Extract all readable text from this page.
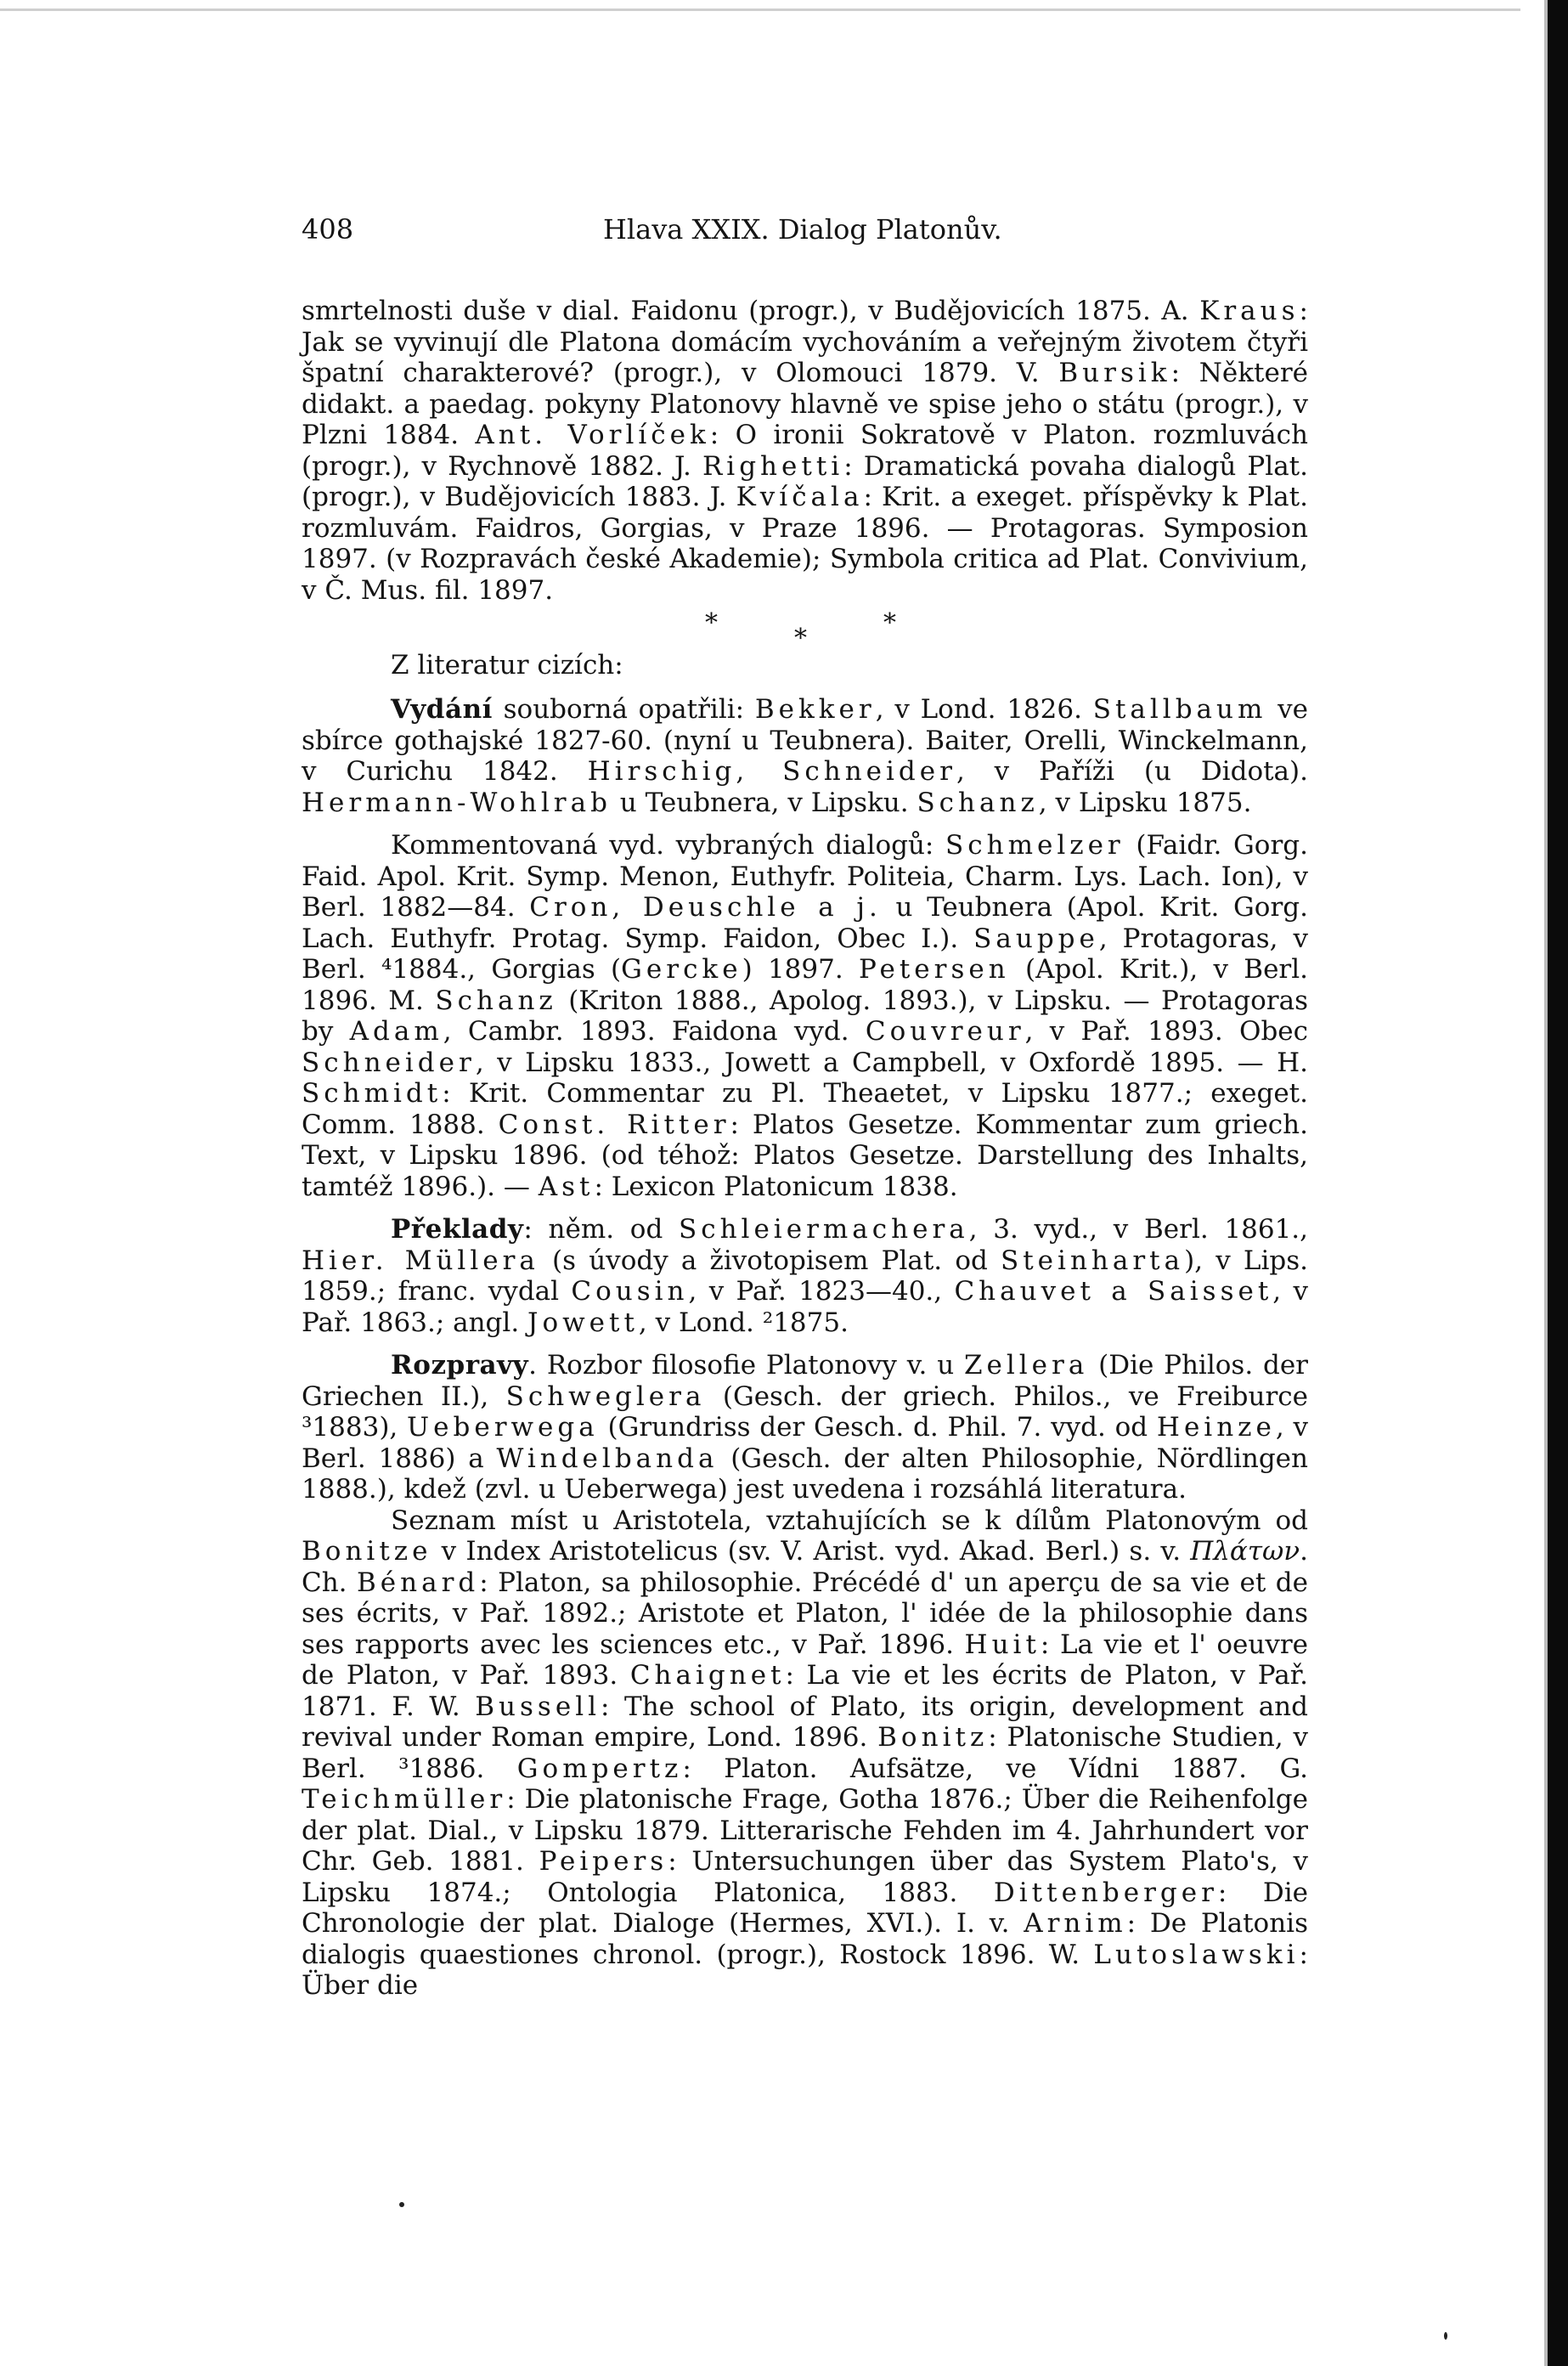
408	Hlava XXIX. Dialog Platonův.

smrtelnosti duše v dial. Faidonu (progr.), v Budějovicích 1875. A. Kraus: Jak se vyvinují dle Platona domácím vychováním a veřejným životem čtyři špatní charakterové? (progr.), v Olomouci 1879. V. Bursik: Některé didakt. a paedag. pokyny Platonovy hlavně ve spise jeho o státu (progr.), v Plzni 1884. Ant. Vorlíček: O ironii Sokratově v Platon. rozmluvách (progr.), v Rychnově 1882. J. Righetti: Dramatická povaha dialogů Plat. (progr.), v Budějovicích 1883. J. Kvíčala: Krit. a exeget. příspěvky k Plat. rozmluvám. Faidros, Gorgias, v Praze 1896. — Protagoras. Symposion 1897. (v Rozpravách české Akademie); Symbola critica ad Plat. Convivium, v Č. Mus. fil. 1897.

*
*
*
Z literatur cizích:

Vydání souborná opatřili: Bekker, v Lond. 1826. Stallbaum ve sbírce gothajské 1827‑60. (nyní u Teubnera). Baiter, Orelli, Winckelmann, v Curichu 1842. Hirschig, Schneider, v Paříži (u Didota). Hermann‑Wohlrab u Teubnera, v Lipsku. Schanz, v Lipsku 1875.

Kommentovaná vyd. vybraných dialogů: Schmelzer (Faidr. Gorg. Faid. Apol. Krit. Symp. Menon, Euthyfr. Politeia, Charm. Lys. Lach. Ion), v Berl. 1882—84. Cron, Deuschle a j. u Teubnera (Apol. Krit. Gorg. Lach. Euthyfr. Protag. Symp. Faidon, Obec I.). Sauppe, Protagoras, v Berl. ⁴1884., Gorgias (Gercke) 1897. Petersen (Apol. Krit.), v Berl. 1896. M. Schanz (Kriton 1888., Apolog. 1893.), v Lipsku. — Protagoras by Adam, Cambr. 1893. Faidona vyd. Couvreur, v Pař. 1893. Obec Schneider, v Lipsku 1833., Jowett a Campbell, v Oxfordě 1895. — H. Schmidt: Krit. Commentar zu Pl. Theaetet, v Lipsku 1877.; exeget. Comm. 1888. Const. Ritter: Platos Gesetze. Kommentar zum griech. Text, v Lipsku 1896. (od téhož: Platos Gesetze. Darstellung des Inhalts, tamtéž 1896.). — Ast: Lexicon Platonicum 1838.

Překlady: něm. od Schleiermachera, 3. vyd., v Berl. 1861., Hier. Müllera (s úvody a životopisem Plat. od Steinharta), v Lips. 1859.; franc. vydal Cousin, v Pař. 1823—40., Chauvet a Saisset, v Pař. 1863.; angl. Jowett, v Lond. ²1875.

Rozpravy. Rozbor filosofie Platonovy v. u Zellera (Die Philos. der Griechen II.), Schweglera (Gesch. der griech. Philos., ve Freiburce ³1883), Ueberwega (Grundriss der Gesch. d. Phil. 7. vyd. od Heinze, v Berl. 1886) a Windelbanda (Gesch. der alten Philosophie, Nördlingen 1888.), kdež (zvl. u Ueberwega) jest uvedena i rozsáhlá literatura.

Seznam míst u Aristotela, vztahujících se k dílům Platonovým od Bonitze v Index Aristotelicus (sv. V. Arist. vyd. Akad. Berl.) s. v. Πλάτων. Ch. Bénard: Platon, sa philosophie. Précédé d' un aperçu de sa vie et de ses écrits, v Pař. 1892.; Aristote et Platon, l' idée de la philosophie dans ses rapports avec les sciences etc., v Pař. 1896. Huit: La vie et l' oeuvre de Platon, v Pař. 1893. Chaignet: La vie et les écrits de Platon, v Pař. 1871. F. W. Bussell: The school of Plato, its origin, development and revival under Roman empire, Lond. 1896. Bonitz: Platonische Studien, v Berl. ³1886. Gompertz: Platon. Aufsätze, ve Vídni 1887. G. Teichmüller: Die platonische Frage, Gotha 1876.; Über die Reihenfolge der plat. Dial., v Lipsku 1879. Litterarische Fehden im 4. Jahrhundert vor Chr. Geb. 1881. Peipers: Untersuchungen über das System Plato's, v Lipsku 1874.; Ontologia Platonica, 1883. Dittenberger: Die Chronologie der plat. Dialoge (Hermes, XVI.). I. v. Arnim: De Platonis dialogis quaestiones chronol. (progr.), Rostock 1896. W. Lutoslawski: Über die
